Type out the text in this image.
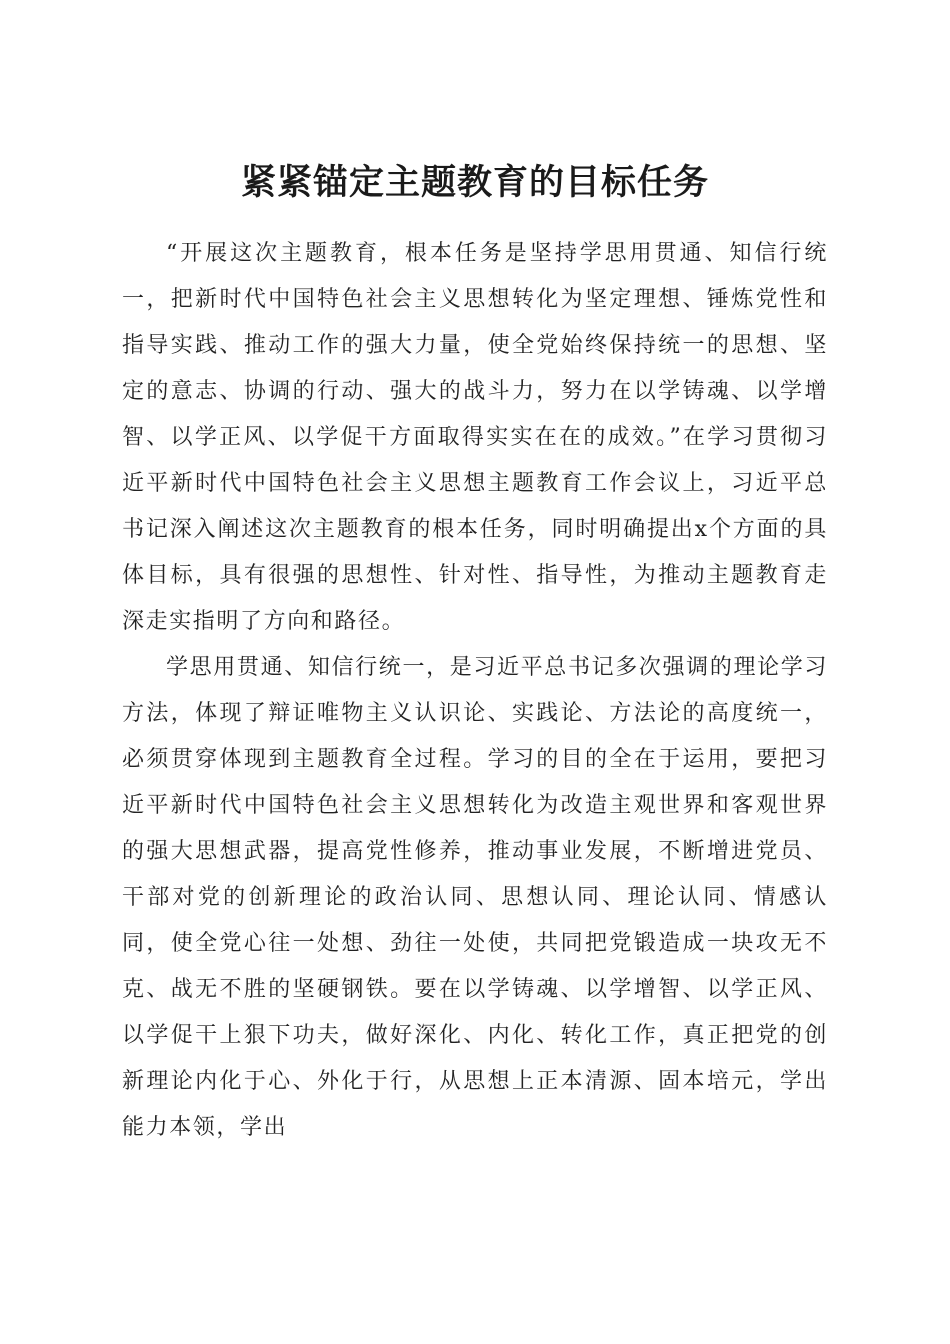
紧紧锚定主题教育的目标任务

“开展这次主题教育，根本任务是坚持学思用贯通、知信行统一，把新时代中国特色社会主义思想转化为坚定理想、锤炼党性和指导实践、推动工作的强大力量，使全党始终保持统一的思想、坚定的意志、协调的行动、强大的战斗力，努力在以学铸魂、以学增智、以学正风、以学促干方面取得实实在在的成效。”在学习贯彻习近平新时代中国特色社会主义思想主题教育工作会议上，习近平总书记深入阐述这次主题教育的根本任务，同时明确提出x个方面的具体目标，具有很强的思想性、针对性、指导性，为推动主题教育走深走实指明了方向和路径。

学思用贯通、知信行统一，是习近平总书记多次强调的理论学习方法，体现了辩证唯物主义认识论、实践论、方法论的高度统一，必须贯穿体现到主题教育全过程。学习的目的全在于运用，要把习近平新时代中国特色社会主义思想转化为改造主观世界和客观世界的强大思想武器，提高党性修养，推动事业发展，不断增进党员、干部对党的创新理论的政治认同、思想认同、理论认同、情感认同，使全党心往一处想、劲往一处使，共同把党锻造成一块攻无不克、战无不胜的坚硬钢铁。要在以学铸魂、以学增智、以学正风、以学促干上狠下功夫，做好深化、内化、转化工作，真正把党的创新理论内化于心、外化于行，从思想上正本清源、固本培元，学出能力本领，学出
